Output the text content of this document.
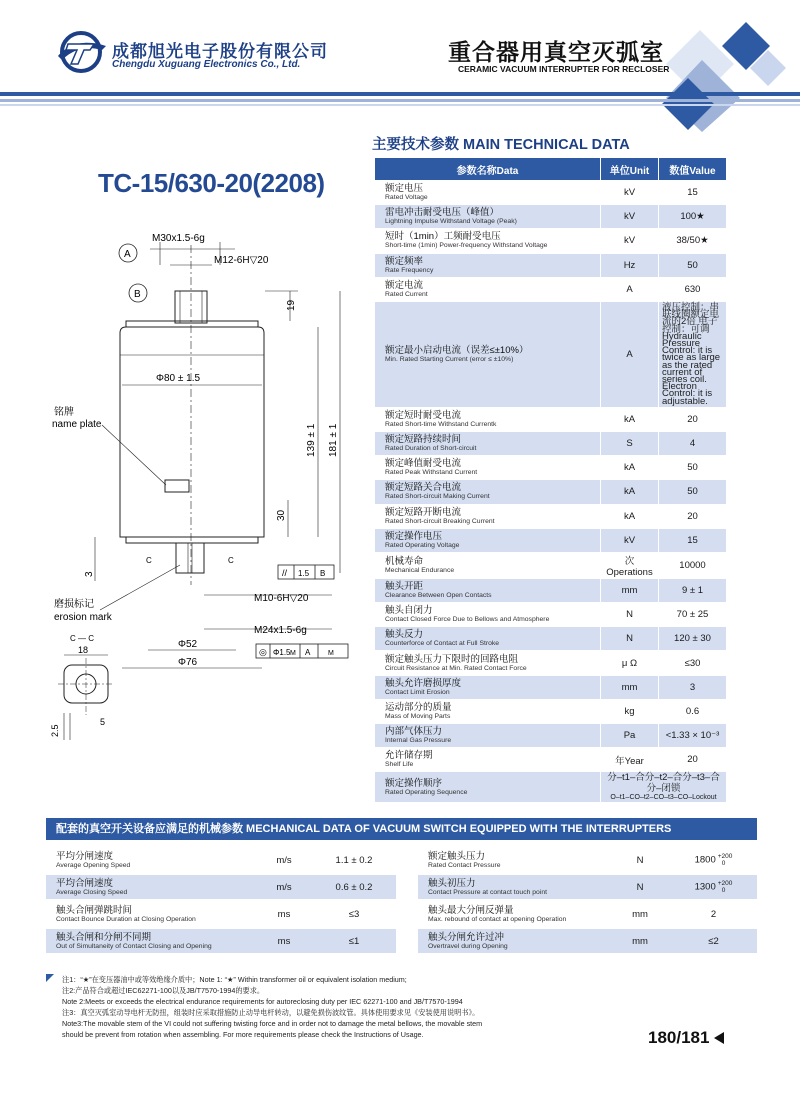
成都旭光电子股份有限公司
Chengdu Xuguang Electronics Co., Ltd.	重合器用真空灭弧室
CERAMIC VACUUM INTERRUPTER FOR RECLOSER
TC-15/630-20(2208)
A
B
M30x1.5-6g
M12-6H▽20
19
Φ80 ± 1.5
铭牌
name plate	139 ± 1 181 ± 1
30
3
C	C
// 1.5 B
磨损标记
erosion mark
M10-6H▽20
M24x1.5-6g
Φ52
Φ76
◎ Φ1.5 M A	M
C — C
18
5
2.5
主要技术参数 MAIN TECHNICAL DATA
参数名称Data	单位Unit	数值Value

额定电压
Rated Voltage	kV	15

雷电冲击耐受电压（峰值）
Lightning Impulse Withstand Voltage (Peak)	kV	100★

短时（1min）工频耐受电压
Short-time (1min) Power-frequency Withstand Voltage	kV	38/50★

额定频率
Rate Frequency	Hz	50

额定电流
Rated Current	A	630

额定最小启动电流（误差≤±10%）
Min. Rated Starting Current (error ≤ ±10%)	A	液压控制：串联线圈额定电流的2倍 电子控制：可调 Hydraulic Pressure Control: it is twice as large as the rated current of series coil. Electron Control: it is adjustable.

额定短时耐受电流
Rated Short-time Withstand Currentk	kA	20

额定短路持续时间
Rated Duration of Short-circuit	S	4

额定峰值耐受电流
Rated Peak Withstand Current	kA	50

额定短路关合电流
Rated Short-circuit Making Current	kA	50

额定短路开断电流
Rated Short-circuit Breaking Current	kA	20

额定操作电压
Rated Operating Voltage	kV	15

机械寿命
Mechanical Endurance	次 Operations	10000

触头开距
Clearance Between Open Contacts	mm	9 ± 1

触头自闭力
Contact Closed Force Due to Bellows and Atmosphere	N	70 ± 25

触头反力
Counterforce of Contact at Full Stroke	N	120 ± 30

额定触头压力下限时的回路电阻
Circuit Resistance at Min. Rated Contact Force	μ Ω	≤30

触头允许磨损厚度
Contact Limit Erosion	mm	3

运动部分的质量
Mass of Moving Parts	kg	0.6

内部气体压力
Internal Gas Pressure	Pa	<1.33 × 10⁻³

允许储存期
Shelf Life	年Year	20

额定操作顺序
Rated Operating Sequence	分–t1–合分–t2–合分–t3–合分–闭锁
O–t1–CO–t2–CO–t3–CO–Lockout	
配套的真空开关设备应满足的机械参数 MECHANICAL DATA OF VACUUM SWITCH EQUIPPED WITH THE INTERRUPTERS
平均分闸速度
Average Opening Speed	m/s	1.1 ± 0.2

平均合闸速度
Average Closing Speed	m/s	0.6 ± 0.2

触头合闸弹跳时间
Contact Bounce Duration at Closing Operation	ms	≤3

触头合闸和分闸不同期
Out of Simultaneity of Contact Closing and Opening	ms	≤1
额定触头压力
Rated Contact Pressure	N	1800 +200
0

触头初压力
Contact Pressure at contact touch point	N	1300 +200
0

触头最大分闸反弹量
Max. rebound of contact at opening Operation	mm	2

触头分闸允许过冲
Overtravel during Opening	mm	≤2
注1：“★”在变压器油中或等效绝缘介质中；Note 1: “★” Within transformer oil or equivalent isolation medium;
注2:产品符合或超过IEC62271-100以及JB/T7570-1994的要求。
Note 2:Meets or exceeds the electrical endurance requirements for autoreclosing duty per IEC 62271-100 and JB/T7570-1994
注3：真空灭弧室动导电杆无防扭，组装时应采取措施防止动导电杆转动，以避免损伤波纹管。具体使用要求见《安装使用说明书》。
Note3:The movable stem of the VI could not suffering twisting force and in order not to damage the metal bellows, the movable stem
should be prevent from rotation when assembling. For more requirements please check the Instructions of Usage.	180/181
